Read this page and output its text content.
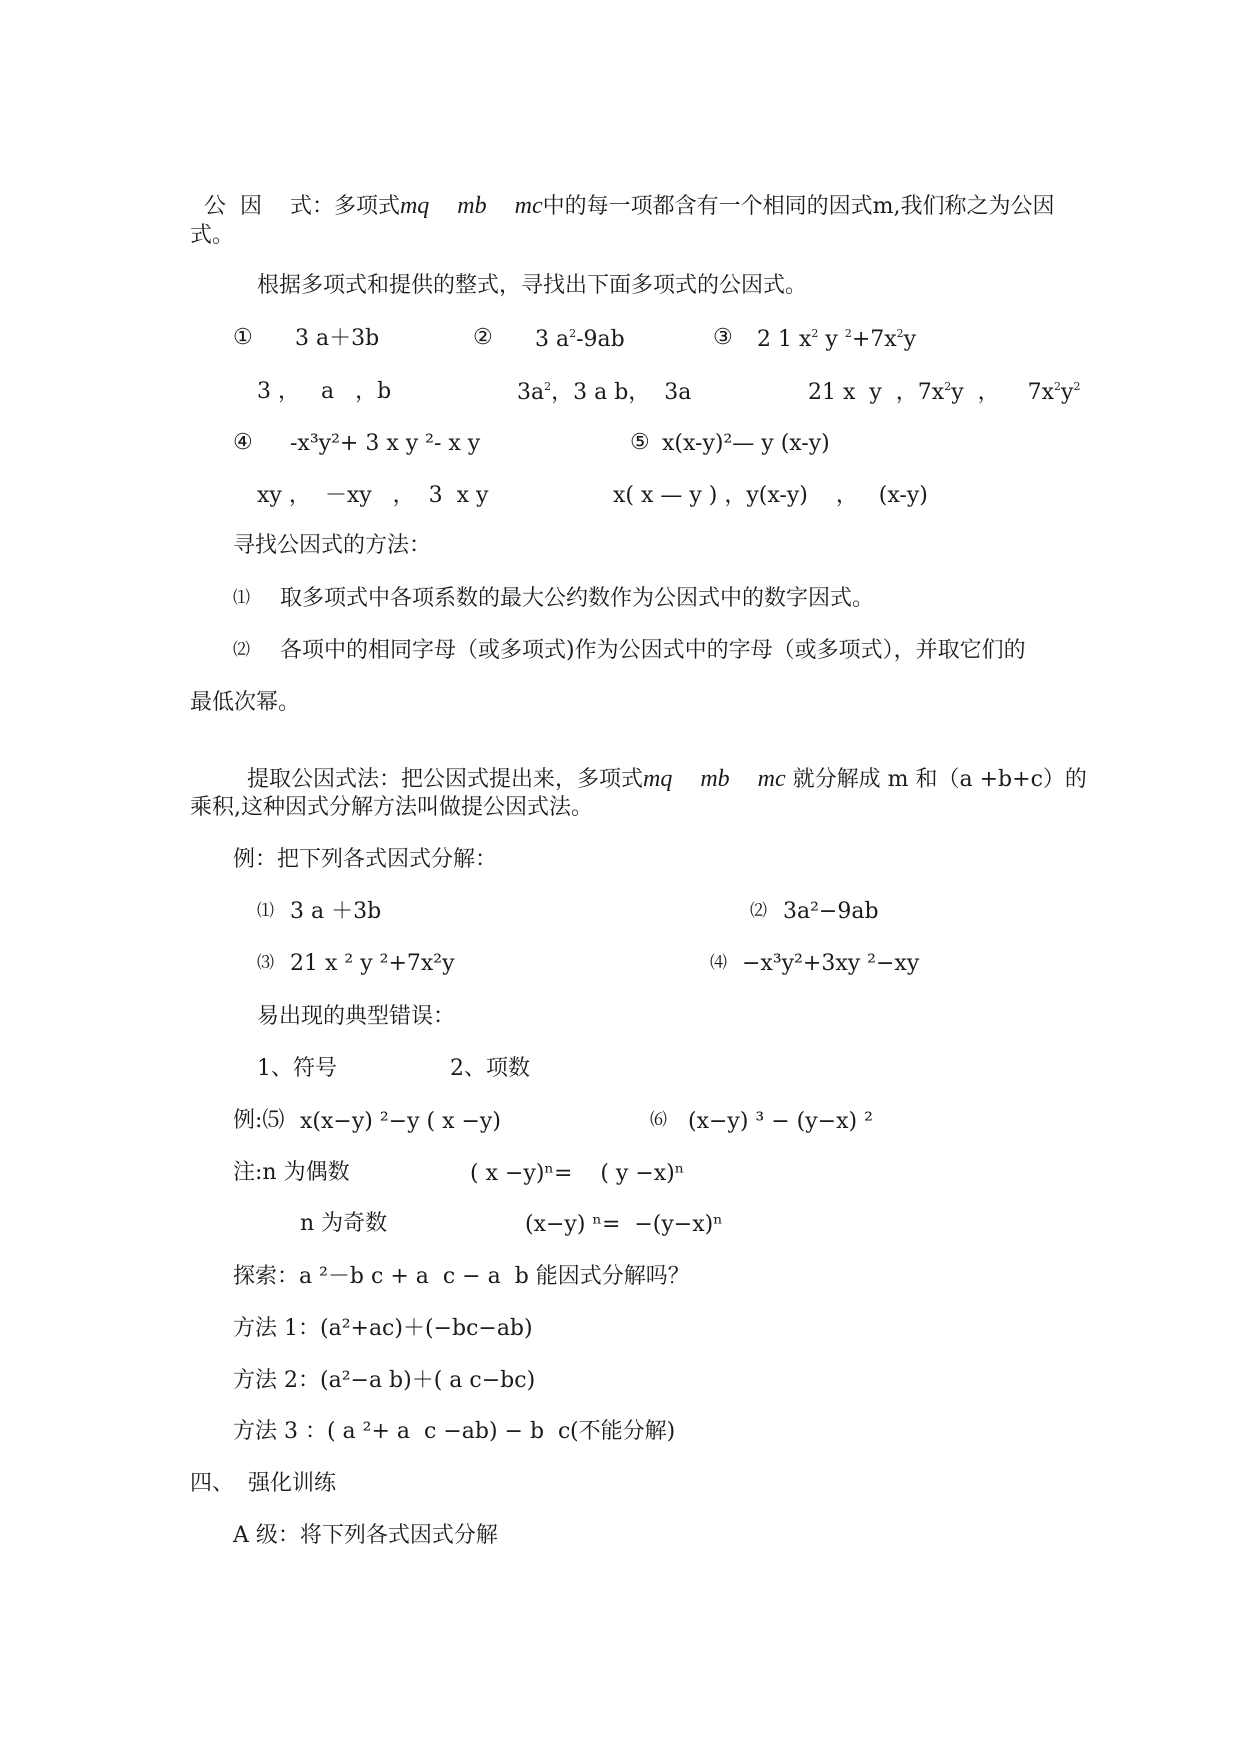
公  因    式：多项式mq mb mc中的每一项都含有一个相同的因式m,我们称之为公因

式。
根据多项式和提供的整式，寻找出下面多项式的公因式。
① 3 a＋3b	② 3 $a^2-9ab$	③ 2 1 $x^2$ y $^2+7x^2y$
3 ，   a   ，b	$3a^2$，3 a b，  3a	21 x  y  ，$7x^2y$  ，    $7x^2y^2$
④ -x³y²+ 3 x y ²- x y	⑤ x(x-y)²— y (x-y)
xy ，  －xy   ，  3  x y	x( x — y ) ，y(x-y)    ，   (x-y)
寻找公因式的方法：
⑴ 取多项式中各项系数的最大公约数作为公因式中的数字因式。
⑵ 各项中的相同字母（或多项式)作为公因式中的字母（或多项式），并取它们的
最低次幂。

提取公因式法：把公因式提出来，多项式mq mb mc 就分解成 m 和（a +b+c）的

乘积,这种因式分解方法叫做提公因式法。
例：把下列各式因式分解：
⑴ 3 a ＋3b	⑵ 3a²−9ab
⑶ 21 x ² y ²+7x²y	⑷ −x³y²+3xy ²−xy
易出现的典型错误：
1、符号	2、项数
例:⑸ x(x−y) ²−y ( x −y)	⑹ (x−y) ³ − (y−x) ²
注:n 为偶数	( x −y)ⁿ=    ( y −x)ⁿ
n 为奇数	(x−y) ⁿ=  −(y−x)ⁿ
探索：a ²－b c + a  c − a  b 能因式分解吗？
方法 1：(a²+ac)＋(−bc−ab)
方法 2：(a²−a b)＋( a c−bc)
方法 3 ：( a ²+ a  c −ab) − b  c (不能分解)
四、  强化训练
A 级：将下列各式因式分解
